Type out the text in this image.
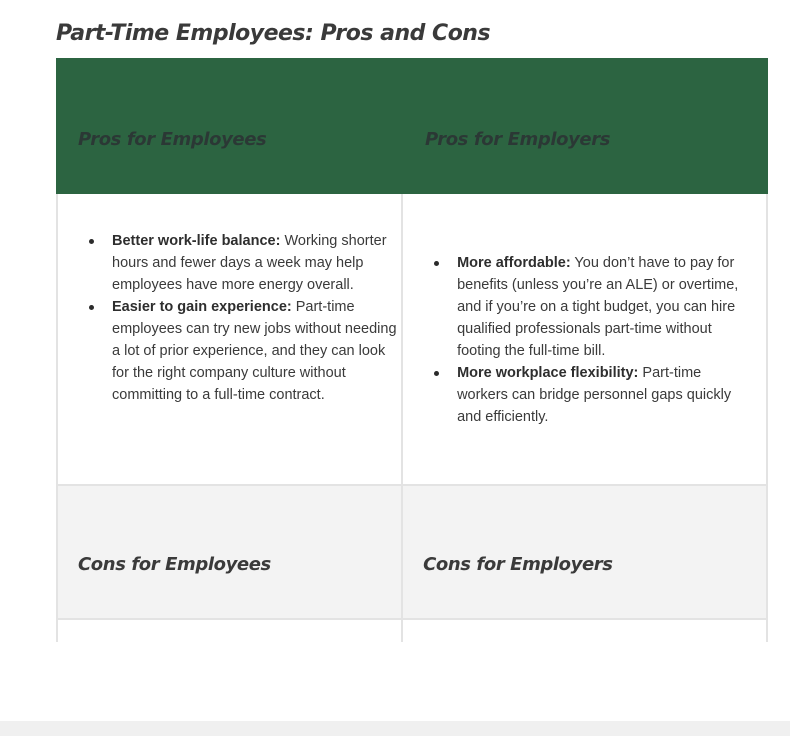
Part-Time Employees: Pros and Cons
Pros for Employees	Pros for Employers
Better work-life balance: Working shorter hours and fewer days a week may help employees have more energy overall.
Easier to gain experience: Part-time employees can try new jobs without needing a lot of prior experience, and they can look for the right company culture without committing to a full-time contract.
More affordable: You don’t have to pay for benefits (unless you’re an ALE) or overtime, and if you’re on a tight budget, you can hire qualified professionals part-time without footing the full-time bill.
More workplace flexibility: Part-time workers can bridge personnel gaps quickly and efficiently.
Cons for Employees	Cons for Employers
